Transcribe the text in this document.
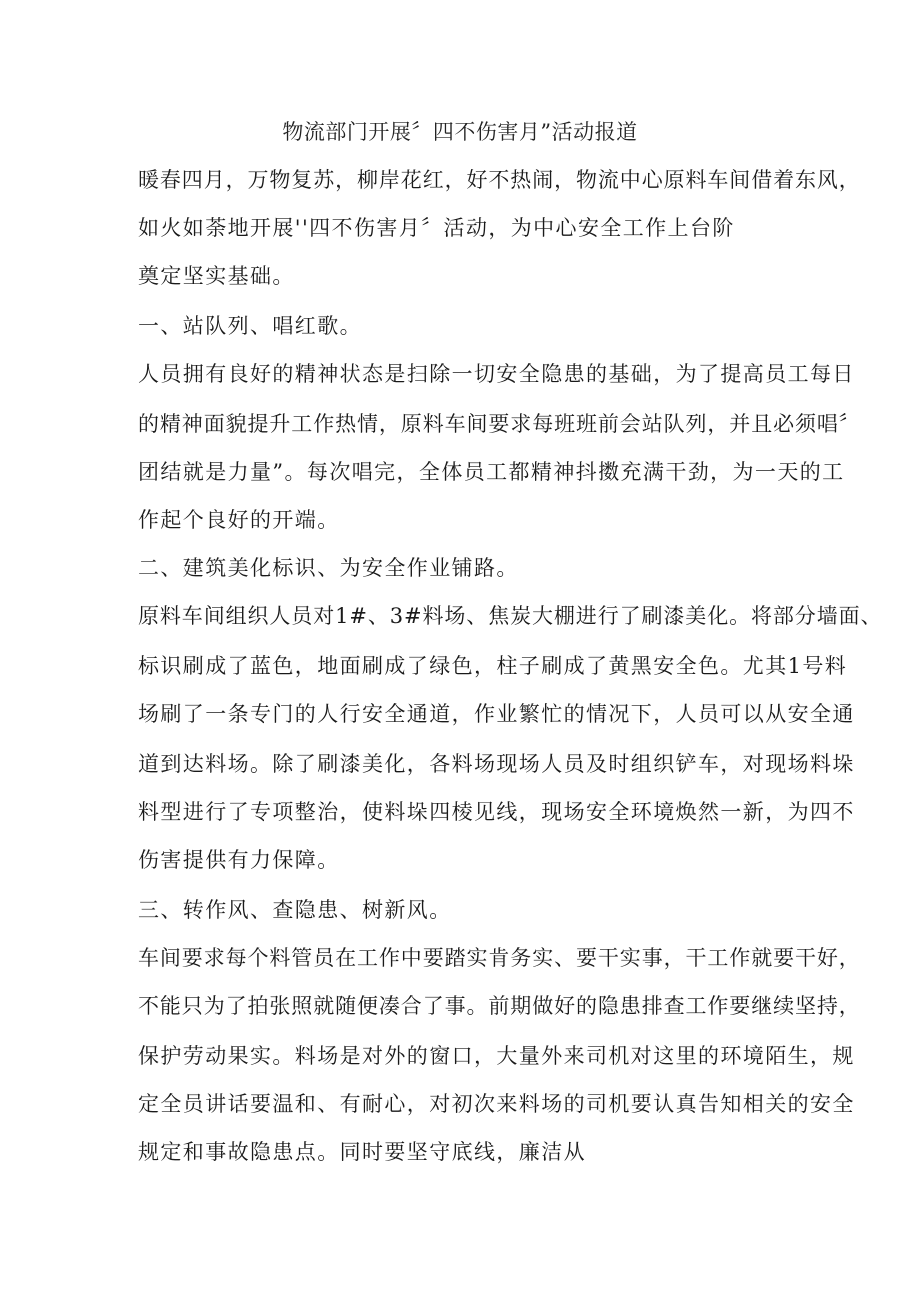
物流部门开展〞四不伤害月”活动报道
暖春四月，万物复苏，柳岸花红，好不热闹，物流中心原料车间借着东风，
如火如荼地开展''四不伤害月〞活动，为中心安全工作上台阶
奠定坚实基础。
一、站队列、唱红歌。
人员拥有良好的精神状态是扫除一切安全隐患的基础，为了提高员工每日
的精神面貌提升工作热情，原料车间要求每班班前会站队列，并且必须唱〞
团结就是力量”。每次唱完，全体员工都精神抖擞充满干劲，为一天的工
作起个良好的开端。
二、建筑美化标识、为安全作业铺路。
原料车间组织人员对1#、3#料场、焦炭大棚进行了刷漆美化。将部分墙面、
标识刷成了蓝色，地面刷成了绿色，柱子刷成了黄黑安全色。尤其1号料
场刷了一条专门的人行安全通道，作业繁忙的情况下，人员可以从安全通
道到达料场。除了刷漆美化，各料场现场人员及时组织铲车，对现场料垛
料型进行了专项整治，使料垛四棱见线，现场安全环境焕然一新，为四不
伤害提供有力保障。
三、转作风、查隐患、树新风。
车间要求每个料管员在工作中要踏实肯务实、要干实事，干工作就要干好，
不能只为了拍张照就随便凑合了事。前期做好的隐患排查工作要继续坚持，
保护劳动果实。料场是对外的窗口，大量外来司机对这里的环境陌生，规
定全员讲话要温和、有耐心，对初次来料场的司机要认真告知相关的安全
规定和事故隐患点。同时要坚守底线，廉洁从
